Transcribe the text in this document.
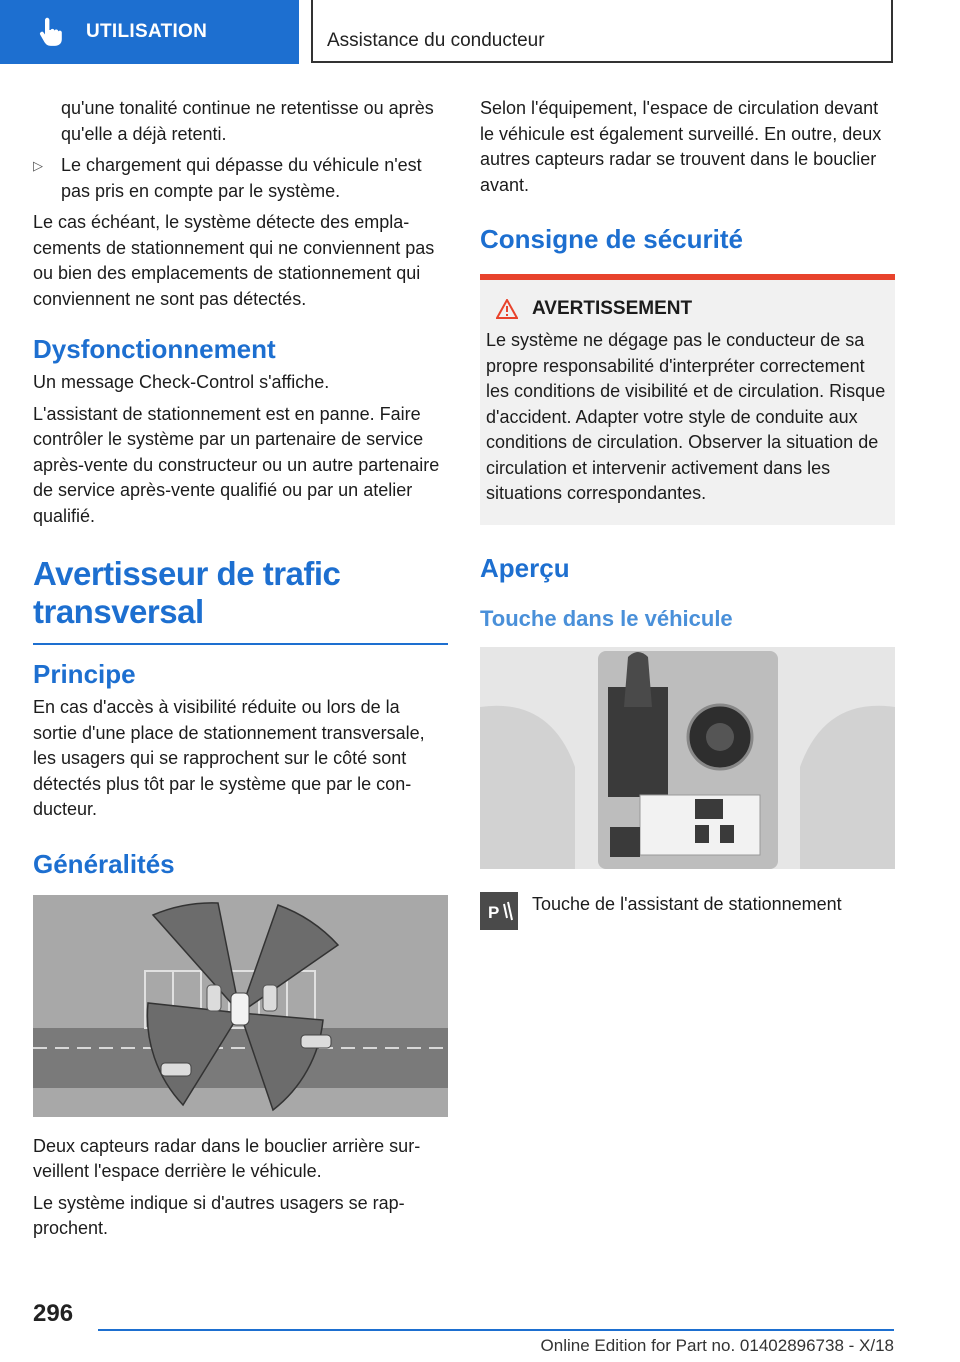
UTILISATION	Assistance du conducteur

qu'une tonalité continue ne retentisse ou après qu'elle a déjà retenti.

▷ Le chargement qui dépasse du véhicule n'est pas pris en compte par le système.

Le cas échéant, le système détecte des emplacements de stationnement qui ne conviennent pas ou bien des emplacements de stationnement qui conviennent ne sont pas détectés.

Dysfonctionnement

Un message Check-Control s'affiche.

L'assistant de stationnement est en panne. Faire contrôler le système par un partenaire de service après-vente du constructeur ou un autre partenaire de service après-vente qualifié ou par un atelier qualifié.

Avertisseur de trafic transversal
Principe

En cas d'accès à visibilité réduite ou lors de la sortie d'une place de stationnement transversale, les usagers qui se rapprochent sur le côté sont détectés plus tôt par le système que par le conducteur.

Généralités

Deux capteurs radar dans le bouclier arrière surveillent l'espace derrière le véhicule.

Le système indique si d'autres usagers se rapprochent.

Selon l'équipement, l'espace de circulation devant le véhicule est également surveillé. En outre, deux autres capteurs radar se trouvent dans le bouclier avant.

Consigne de sécurité
AVERTISSEMENT

Le système ne dégage pas le conducteur de sa propre responsabilité d'interpréter correctement les conditions de visibilité et de circulation. Risque d'accident. Adapter votre style de conduite aux conditions de circulation. Observer la situation de circulation et intervenir activement dans les situations correspondantes.

Aperçu
Touche dans le véhicule
P Touche de l'assistant de stationnement
296
Online Edition for Part no. 01402896738 - X/18
